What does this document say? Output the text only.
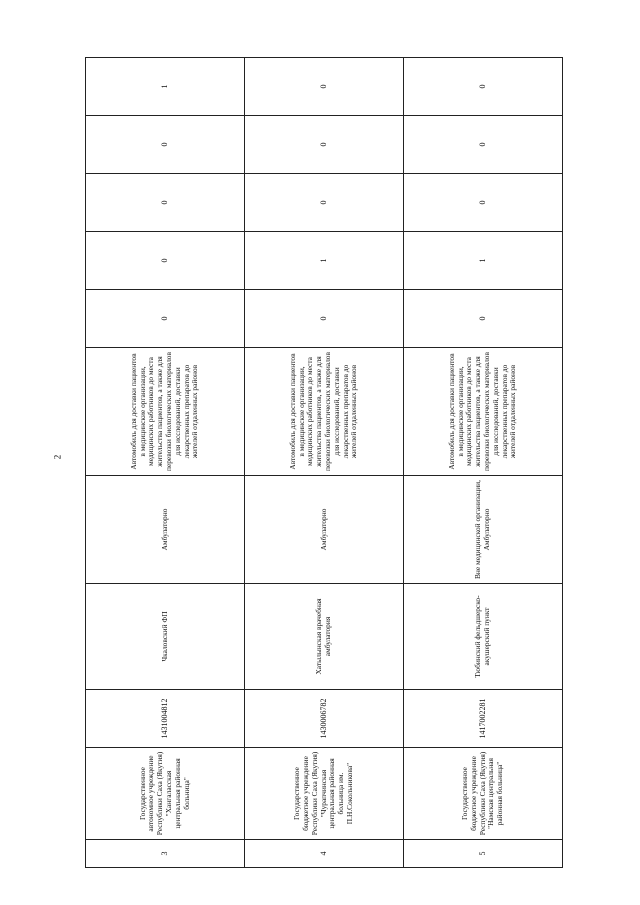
2
3	Государственное автономное учреждение Республики Саха (Якутия) "Хангаласская центральная районная больница"	1431004812	Чкаловский ФП	Амбулаторно	Автомобиль для доставки пациентов в медицинские организации, медицинских работников до места жительства пациентов, а также для перевозки биологических материалов для исследований, доставки лекарственных препаратов до жителей отдаленных районов	0	0	0	0	1
4	Государственное бюджетное учреждение Республики Саха (Якутия) "Чурапчинская центральная районная больница им. П.Н.Сокольникова"	1430006782	Хатылынская врачебная амбулатория	Амбулаторно	Автомобиль для доставки пациентов в медицинские организации, медицинских работников до места жительства пациентов, а также для перевозки биологических материалов для исследований, доставки лекарственных препаратов до жителей отдаленных районов	0	1	0	0	0
5	Государственное бюджетное учреждение Республики Саха (Якутия) "Намская центральная районная больница"	1417002281	Тюбинский фельдшерско-акушерский пункт	Вне медицинской организации, Амбулаторно	Автомобиль для доставки пациентов в медицинские организации, медицинских работников до места жительства пациентов, а также для перевозки биологических материалов для исследований, доставки лекарственных препаратов до жителей отдаленных районов	0	1	0	0	0
